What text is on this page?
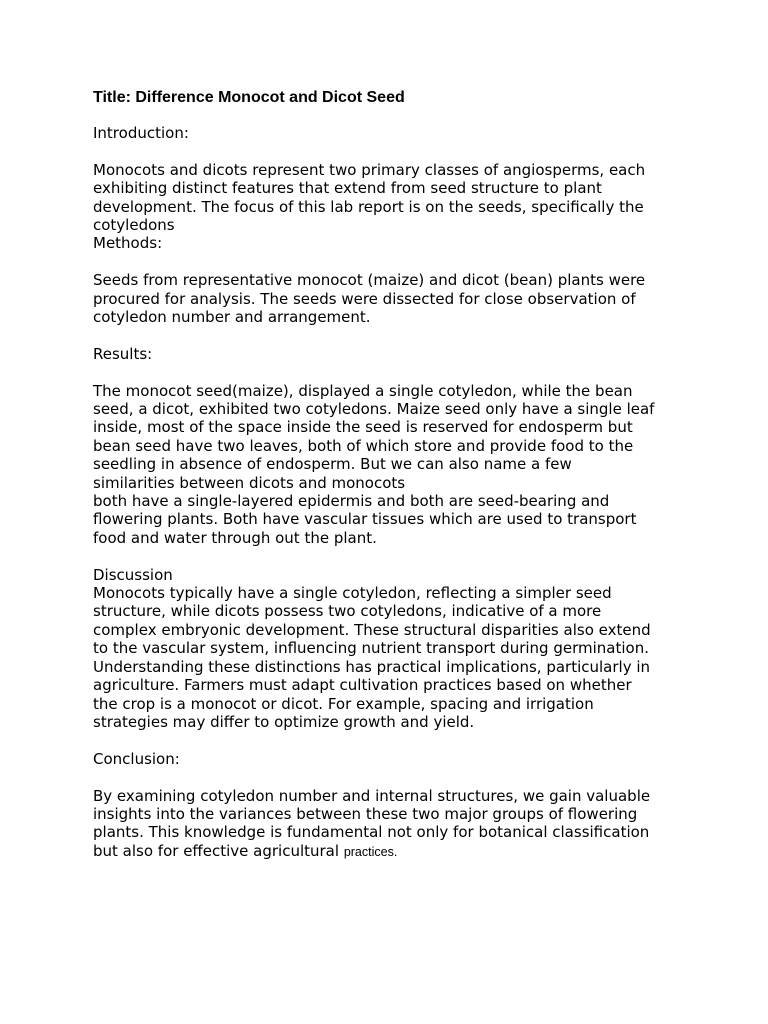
Title: Difference Monocot and Dicot Seed
Introduction:
Monocots and dicots represent two primary classes of angiosperms, each
exhibiting distinct features that extend from seed structure to plant
development. The focus of this lab report is on the seeds, specifically the
cotyledons
Methods:
Seeds from representative monocot (maize) and dicot (bean) plants were
procured for analysis. The seeds were dissected for close observation of
cotyledon number and arrangement.
Results:
The monocot seed(maize), displayed a single cotyledon, while the bean
seed, a dicot, exhibited two cotyledons. Maize seed only have a single leaf
inside, most of the space inside the seed is reserved for endosperm but
bean seed have two leaves, both of which store and provide food to the
seedling in absence of endosperm. But we can also name a few
similarities between dicots and monocots
both have a single-layered epidermis and both are seed-bearing and
flowering plants. Both have vascular tissues which are used to transport
food and water through out the plant.
Discussion
Monocots typically have a single cotyledon, reflecting a simpler seed
structure, while dicots possess two cotyledons, indicative of a more
complex embryonic development. These structural disparities also extend
to the vascular system, influencing nutrient transport during germination.
Understanding these distinctions has practical implications, particularly in
agriculture. Farmers must adapt cultivation practices based on whether
the crop is a monocot or dicot. For example, spacing and irrigation
strategies may differ to optimize growth and yield.
Conclusion:
By examining cotyledon number and internal structures, we gain valuable
insights into the variances between these two major groups of flowering
plants. This knowledge is fundamental not only for botanical classification
but also for effective agricultural practices.
